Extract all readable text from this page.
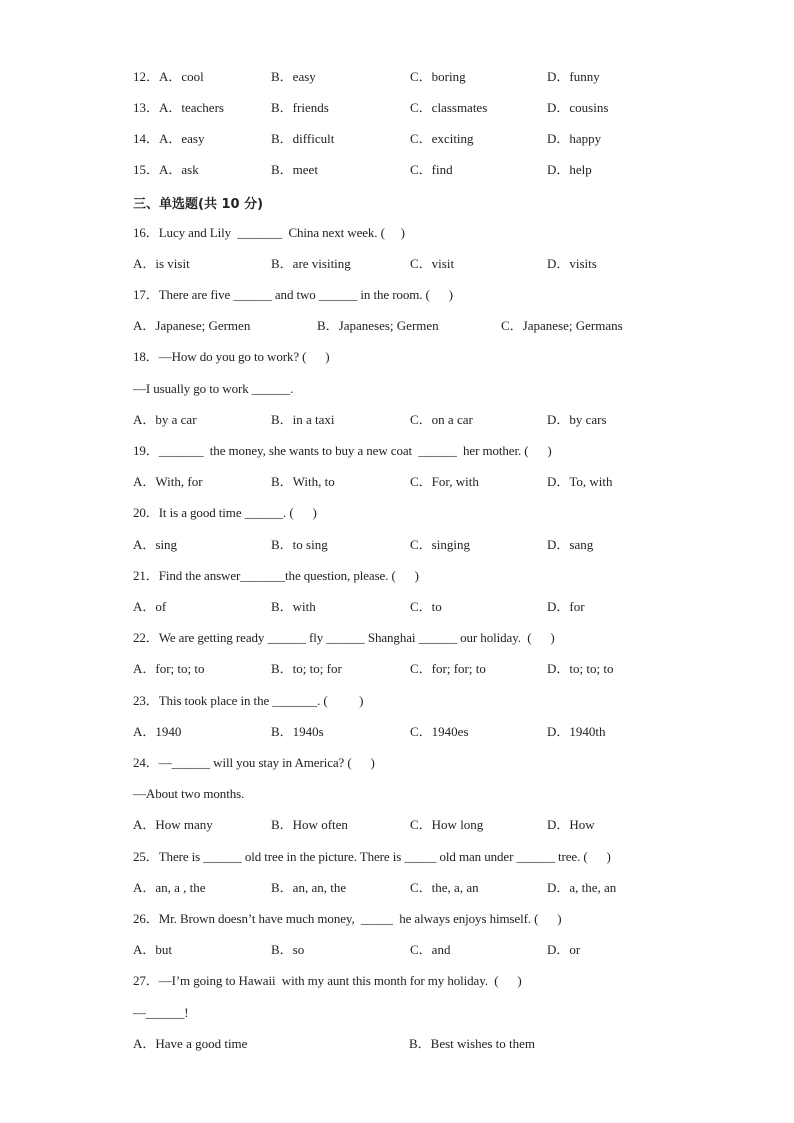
12．A．cool	B．easy	C．boring	D．funny
13．A．teachers	B．friends	C．classmates	D．cousins
14．A．easy	B．difficult	C．exciting	D．happy
15．A．ask	B．meet	C．find	D．help
三、单选题(共 10 分)
16．Lucy and Lily  _______  China next week. (     )
A．is visit	B．are visiting	C．visit	D．visits
17．There are five ______ and two ______ in the room. (      )
A．Japanese; Germen	B．Japaneses; Germen	C．Japanese; Germans
18．—How do you go to work? (      )
—I usually go to work ______.
A．by a car	B．in a taxi	C．on a car	D．by cars
19．_______  the money, she wants to buy a new coat  ______  her mother. (      )
A．With, for	B．With, to	C．For, with	D．To, with
20．It is a good time ______. (      )
A．sing	B．to sing	C．singing	D．sang
21．Find the answer_______the question, please. (      )
A．of	B．with	C．to	D．for
22．We are getting ready ______ fly ______ Shanghai ______ our holiday.  (      )
A．for; to; to	B．to; to; for	C．for; for; to	D．to; to; to
23．This took place in the _______. (          )
A．1940	B．1940s	C．1940es	D．1940th
24．—______ will you stay in America? (      )
—About two months.
A．How many	B．How often	C．How long	D．How
25．There is ______ old tree in the picture. There is _____ old man under ______ tree. (      )
A．an, a , the	B．an, an, the	C．the, a, an	D．a, the, an
26．Mr. Brown doesn’t have much money,  _____  he always enjoys himself. (      )
A．but	B．so	C．and	D．or
27．—I’m going to Hawaii  with my aunt this month for my holiday.  (      )
—______!
A．Have a good time	B．Best wishes to them
